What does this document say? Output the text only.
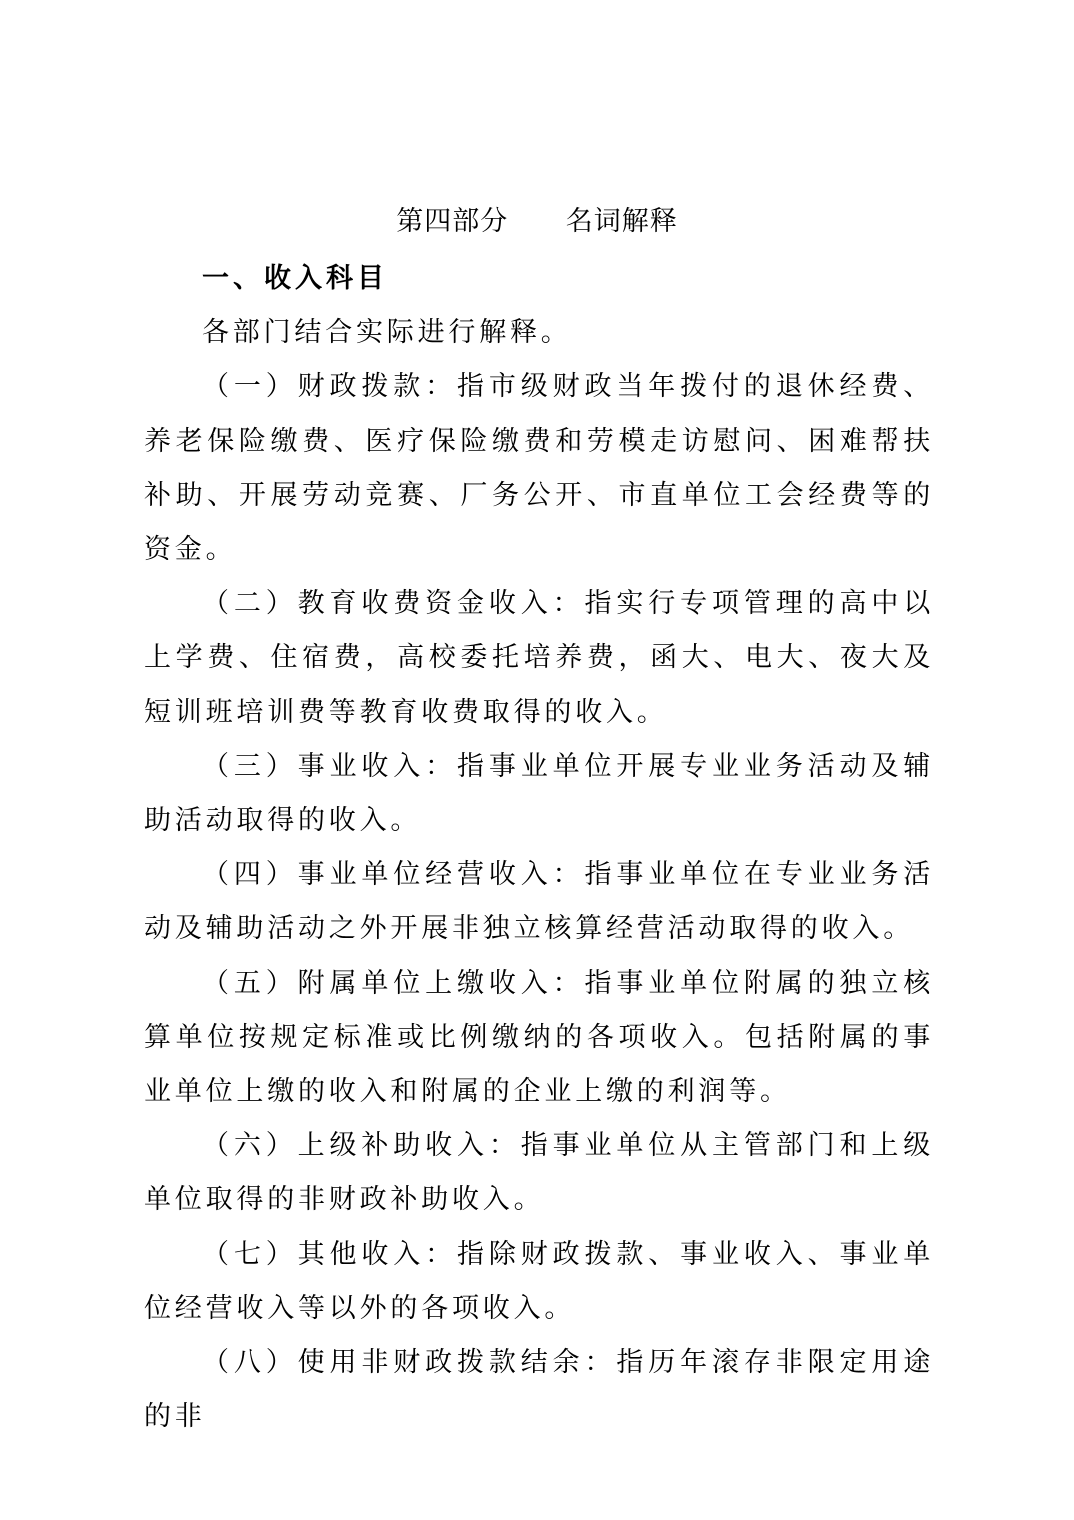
第四部分      名词解释

一、收入科目

各部门结合实际进行解释。

（一）财政拨款：指市级财政当年拨付的退休经费、养老保险缴费、医疗保险缴费和劳模走访慰问、困难帮扶补助、开展劳动竞赛、厂务公开、市直单位工会经费等的资金。

（二）教育收费资金收入：指实行专项管理的高中以上学费、住宿费，高校委托培养费，函大、电大、夜大及短训班培训费等教育收费取得的收入。

（三）事业收入：指事业单位开展专业业务活动及辅助活动取得的收入。

（四）事业单位经营收入：指事业单位在专业业务活动及辅助活动之外开展非独立核算经营活动取得的收入。

（五）附属单位上缴收入：指事业单位附属的独立核算单位按规定标准或比例缴纳的各项收入。包括附属的事业单位上缴的收入和附属的企业上缴的利润等。

（六）上级补助收入：指事业单位从主管部门和上级单位取得的非财政补助收入。

（七）其他收入：指除财政拨款、事业收入、事业单位经营收入等以外的各项收入。

（八）使用非财政拨款结余：指历年滚存非限定用途的非
